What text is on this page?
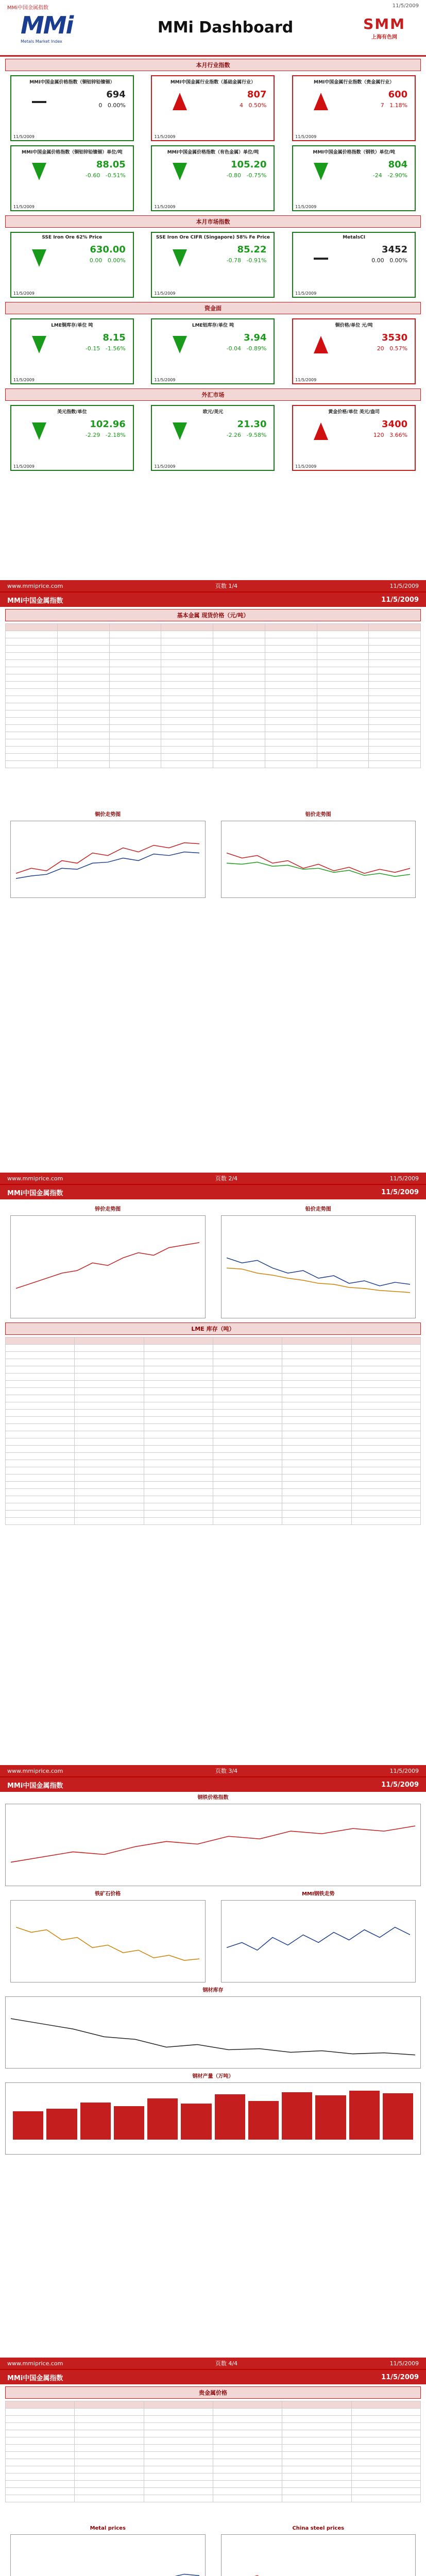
MMi中国金属指数	11/5/2009
MMi
Metals Market Index
MMi Dashboard	SMM
上海有色网
本月行业指数
MMI中国金属价格指数（铜铝锌铅镍锡）
694
0 0.00%
11/5/2009
MMI中国金属行业指数（基础金属行业）
807
4 0.50%
11/5/2009
MMI中国金属行业指数（贵金属行业）
600
7 1.18%
11/5/2009
MMI中国金属价格指数（铜铝锌铅镍锡）单位/吨
88.05
-0.60 -0.51%
11/5/2009
MMI中国金属价格指数（有色金属）单位/吨
105.20
-0.80 -0.75%
11/5/2009
MMI中国金属价格指数（钢铁）单位/吨
804
-24 -2.90%
11/5/2009
本月市场指数
SSE Iron Ore 62% Price
630.00
0.00 0.00%
11/5/2009
SSE Iron Ore CIFR (Singapore) 58% Fe Price
85.22
-0.78 -0.91%
11/5/2009
MetalsCI
3452
0.00 0.00%
11/5/2009
资金面
LME铜库存/单位 吨
8.15
-0.15 -1.56%
11/5/2009
LME铝库存/单位 吨
3.94
-0.04 -0.89%
11/5/2009
铜价格/单位 元/吨
3530
20 0.57%
11/5/2009
外汇市场
美元指数/单位
102.96
-2.29 -2.18%
11/5/2009
欧元/美元
21.30
-2.26 -9.58%
11/5/2009
黄金价格/单位 美元/盎司
3400
120 3.66%
11/5/2009
www.mmiprice.com	页数 1/4	11/5/2009
MMi中国金属指数	11/5/2009
基本金属 现货价格（元/吨）

铜价走势图	铝价走势图
www.mmiprice.com	页数 2/4	11/5/2009
MMi中国金属指数	11/5/2009
锌价走势图	铅价走势图
LME 库存（吨）

www.mmiprice.com	页数 3/4	11/5/2009
MMi中国金属指数	11/5/2009
钢铁价格指数
铁矿石价格	MMI钢铁走势
钢材库存
钢材产量（万吨）
www.mmiprice.com	页数 4/4	11/5/2009
MMi中国金属指数	11/5/2009
贵金属价格

Metal prices	China steel prices
